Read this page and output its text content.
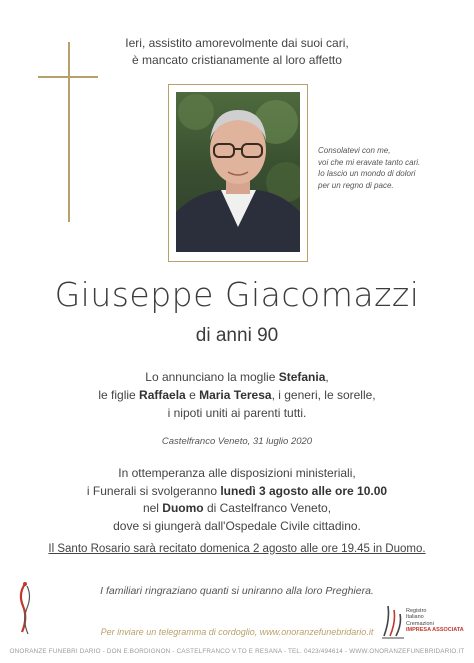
Ieri, assistito amorevolmente dai suoi cari,
è mancato cristianamente al loro affetto
Consolatevi con me,
voi che mi eravate tanto cari.
Io lascio un mondo di dolori
per un regno di pace.
Giuseppe Giacomazzi
di anni 90
Lo annunciano la moglie Stefania,
le figlie Raffaela e Maria Teresa, i generi, le sorelle,
i nipoti uniti ai parenti tutti.
Castelfranco Veneto, 31 luglio 2020
In ottemperanza alle disposizioni ministeriali,
i Funerali si svolgeranno lunedì 3 agosto alle ore 10.00
nel Duomo di Castelfranco Veneto,
dove si giungerà dall'Ospedale Civile cittadino.
Il Santo Rosario sarà recitato domenica 2 agosto alle ore 19.45 in Duomo.
I familiari ringraziano quanti si uniranno alla loro Preghiera.
Registro
Italiano
Cremazioni
IMPRESA ASSOCIATA
Per inviare un telegramma di cordoglio, www.onoranzefunebridario.it
ONORANZE FUNEBRI DARIO - DON E.BORDIGNON - CASTELFRANCO V.TO E RESANA - TEL. 0423/494614 - WWW.ONORANZEFUNEBRIDARIO.IT
